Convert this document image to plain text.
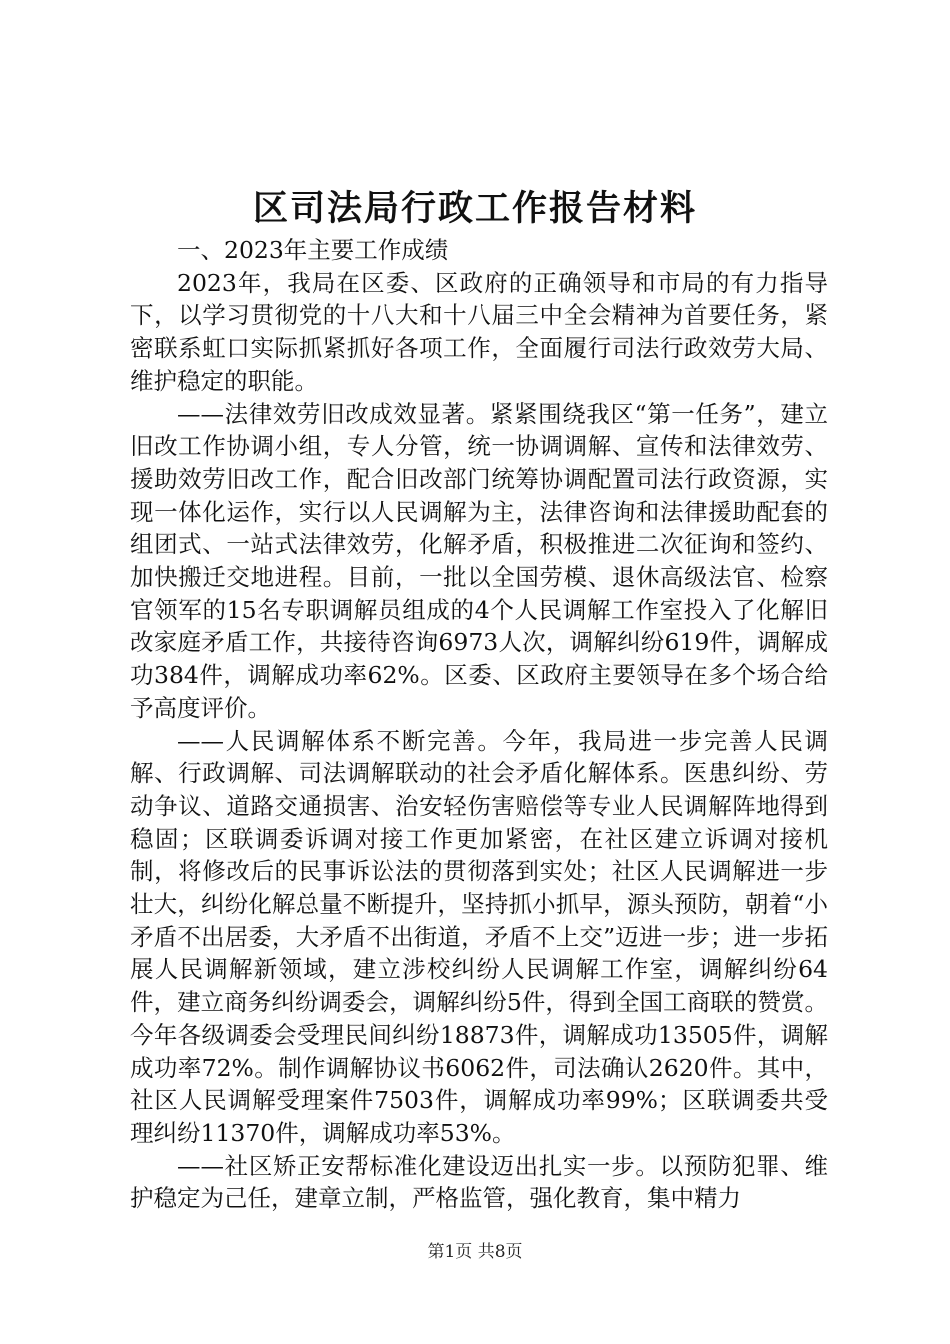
区司法局行政工作报告材料

一、2023年主要工作成绩

2023年，我局在区委、区政府的正确领导和市局的有力指导下，以学习贯彻党的十八大和十八届三中全会精神为首要任务，紧密联系虹口实际抓紧抓好各项工作，全面履行司法行政效劳大局、维护稳定的职能。

——法律效劳旧改成效显著。紧紧围绕我区“第一任务”，建立旧改工作协调小组，专人分管，统一协调调解、宣传和法律效劳、援助效劳旧改工作，配合旧改部门统筹协调配置司法行政资源，实现一体化运作，实行以人民调解为主，法律咨询和法律援助配套的组团式、一站式法律效劳，化解矛盾，积极推进二次征询和签约、加快搬迁交地进程。目前，一批以全国劳模、退休高级法官、检察官领军的15名专职调解员组成的4个人民调解工作室投入了化解旧改家庭矛盾工作，共接待咨询6973人次，调解纠纷619件，调解成功384件，调解成功率62%。区委、区政府主要领导在多个场合给予高度评价。

——人民调解体系不断完善。今年，我局进一步完善人民调解、行政调解、司法调解联动的社会矛盾化解体系。医患纠纷、劳动争议、道路交通损害、治安轻伤害赔偿等专业人民调解阵地得到稳固；区联调委诉调对接工作更加紧密，在社区建立诉调对接机制，将修改后的民事诉讼法的贯彻落到实处；社区人民调解进一步壮大，纠纷化解总量不断提升，坚持抓小抓早，源头预防，朝着“小矛盾不出居委，大矛盾不出街道，矛盾不上交”迈进一步；进一步拓展人民调解新领域，建立涉校纠纷人民调解工作室，调解纠纷64件，建立商务纠纷调委会，调解纠纷5件，得到全国工商联的赞赏。今年各级调委会受理民间纠纷18873件，调解成功13505件，调解成功率72%。制作调解协议书6062件，司法确认2620件。其中，社区人民调解受理案件7503件，调解成功率99%；区联调委共受理纠纷11370件，调解成功率53%。

——社区矫正安帮标准化建设迈出扎实一步。以预防犯罪、维护稳定为己任，建章立制，严格监管，强化教育，集中精力

第1页 共8页
